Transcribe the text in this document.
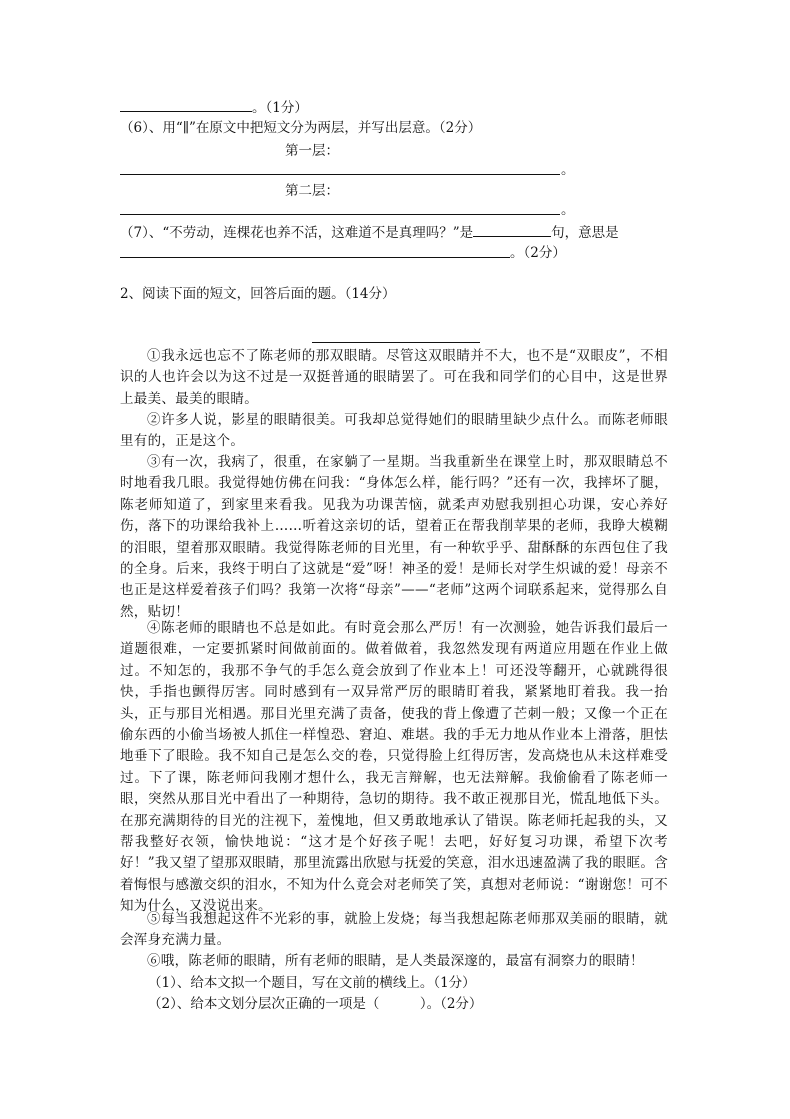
。（1分）
（6）、用“∥”在原文中把短文分为两层，并写出层意。（2分）
第一层：
。
第二层：
。
（7）、“不劳动，连棵花也养不活，这难道不是真理吗？”是	句，意思是
。（2分）
2、阅读下面的短文，回答后面的题。（14分）
①我永远也忘不了陈老师的那双眼睛。尽管这双眼睛并不大，也不是“双眼皮”，不相识的人也许会以为这不过是一双挺普通的眼睛罢了。可在我和同学们的心目中，这是世界上最美、最美的眼睛。
②许多人说，影星的眼睛很美。可我却总觉得她们的眼睛里缺少点什么。而陈老师眼里有的，正是这个。
③有一次，我病了，很重，在家躺了一星期。当我重新坐在课堂上时，那双眼睛总不时地看我几眼。我觉得她仿佛在问我：“身体怎么样，能行吗？”还有一次，我摔坏了腿，陈老师知道了，到家里来看我。见我为功课苦恼，就柔声劝慰我别担心功课，安心养好伤，落下的功课给我补上……听着这亲切的话，望着正在帮我削苹果的老师，我睁大模糊的泪眼，望着那双眼睛。我觉得陈老师的目光里，有一种软乎乎、甜酥酥的东西包住了我的全身。后来，我终于明白了这就是“爱”呀！神圣的爱！是师长对学生炽诚的爱！母亲不也正是这样爱着孩子们吗？我第一次将“母亲”——“老师”这两个词联系起来，觉得那么自然，贴切！
④陈老师的眼睛也不总是如此。有时竟会那么严厉！有一次测验，她告诉我们最后一道题很难，一定要抓紧时间做前面的。做着做着，我忽然发现有两道应用题在作业上做过。不知怎的，我那不争气的手怎么竟会放到了作业本上！可还没等翻开，心就跳得很快，手指也颤得厉害。同时感到有一双异常严厉的眼睛盯着我，紧紧地盯着我。我一抬头，正与那目光相遇。那目光里充满了责备，使我的背上像遭了芒刺一般；又像一个正在偷东西的小偷当场被人抓住一样惶恐、窘迫、难堪。我的手无力地从作业本上滑落，胆怯地垂下了眼睑。我不知自己是怎么交的卷，只觉得脸上红得厉害，发高烧也从未这样难受过。下了课，陈老师问我刚才想什么，我无言辩解，也无法辩解。我偷偷看了陈老师一眼，突然从那目光中看出了一种期待，急切的期待。我不敢正视那目光，慌乱地低下头。在那充满期待的目光的注视下，羞愧地，但又勇敢地承认了错误。陈老师托起我的头，又帮我整好衣领，愉快地说：“这才是个好孩子呢！去吧，好好复习功课，希望下次考好！”我又望了望那双眼睛，那里流露出欣慰与抚爱的笑意，泪水迅速盈满了我的眼眶。含着悔恨与感激交织的泪水，不知为什么竟会对老师笑了笑，真想对老师说：“谢谢您！可不知为什么，又没说出来。
⑤每当我想起这件不光彩的事，就脸上发烧；每当我想起陈老师那双美丽的眼睛，就会浑身充满力量。
⑥哦，陈老师的眼睛，所有老师的眼睛，是人类最深邃的，最富有洞察力的眼睛！
（1）、给本文拟一个题目，写在文前的横线上。（1分）
（2）、给本文划分层次正确的一项是（　　　）。（2分）
